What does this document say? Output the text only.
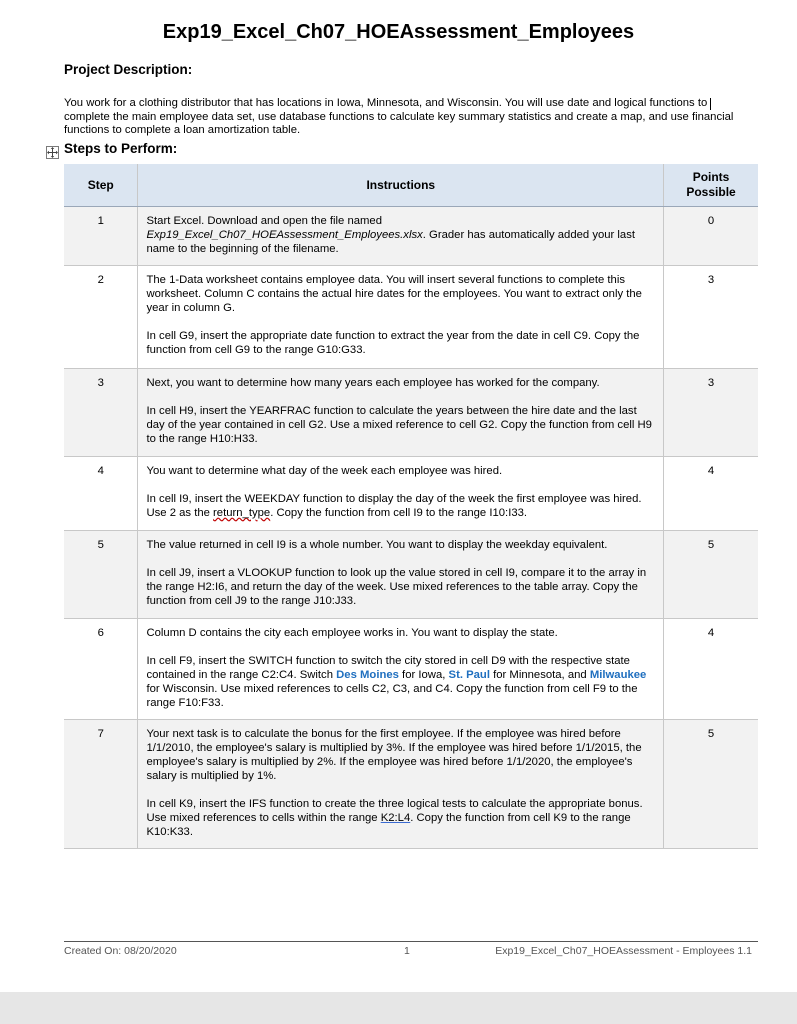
Exp19_Excel_Ch07_HOEAssessment_Employees
Project Description:
You work for a clothing distributor that has locations in Iowa, Minnesota, and Wisconsin. You will use date and logical functions to complete the main employee data set, use database functions to calculate key summary statistics and create a map, and use financial functions to complete a loan amortization table.
Steps to Perform:
Step	Instructions	Points Possible

1	Start Excel. Download and open the file named
Exp19_Excel_Ch07_HOEAssessment_Employees.xlsx. Grader has automatically added your last name to the beginning of the filename.	0
2	The 1-Data worksheet contains employee data. You will insert several functions to complete this worksheet. Column C contains the actual hire dates for the employees. You want to extract only the year in column G.

In cell G9, insert the appropriate date function to extract the year from the date in cell C9. Copy the function from cell G9 to the range G10:G33.	3
3	Next, you want to determine how many years each employee has worked for the company.

In cell H9, insert the YEARFRAC function to calculate the years between the hire date and the last day of the year contained in cell G2. Use a mixed reference to cell G2. Copy the function from cell H9 to the range H10:H33.	3
4	You want to determine what day of the week each employee was hired.

In cell I9, insert the WEEKDAY function to display the day of the week the first employee was hired. Use 2 as the return_type. Copy the function from cell I9 to the range I10:I33.	4
5	The value returned in cell I9 is a whole number. You want to display the weekday equivalent.

In cell J9, insert a VLOOKUP function to look up the value stored in cell I9, compare it to the array in the range H2:I6, and return the day of the week. Use mixed references to the table array. Copy the function from cell J9 to the range J10:J33.	5
6	Column D contains the city each employee works in. You want to display the state.

In cell F9, insert the SWITCH function to switch the city stored in cell D9 with the respective state contained in the range C2:C4. Switch Des Moines for Iowa, St. Paul for Minnesota, and Milwaukee for Wisconsin. Use mixed references to cells C2, C3, and C4. Copy the function from cell F9 to the range F10:F33.	4
7	Your next task is to calculate the bonus for the first employee. If the employee was hired before 1/1/2010, the employee's salary is multiplied by 3%. If the employee was hired before 1/1/2015, the employee's salary is multiplied by 2%. If the employee was hired before 1/1/2020, the employee's salary is multiplied by 1%.

In cell K9, insert the IFS function to create the three logical tests to calculate the appropriate bonus. Use mixed references to cells within the range K2:L4. Copy the function from cell K9 to the range K10:K33.	5
Created On: 08/20/2020	1	Exp19_Excel_Ch07_HOEAssessment - Employees 1.1
